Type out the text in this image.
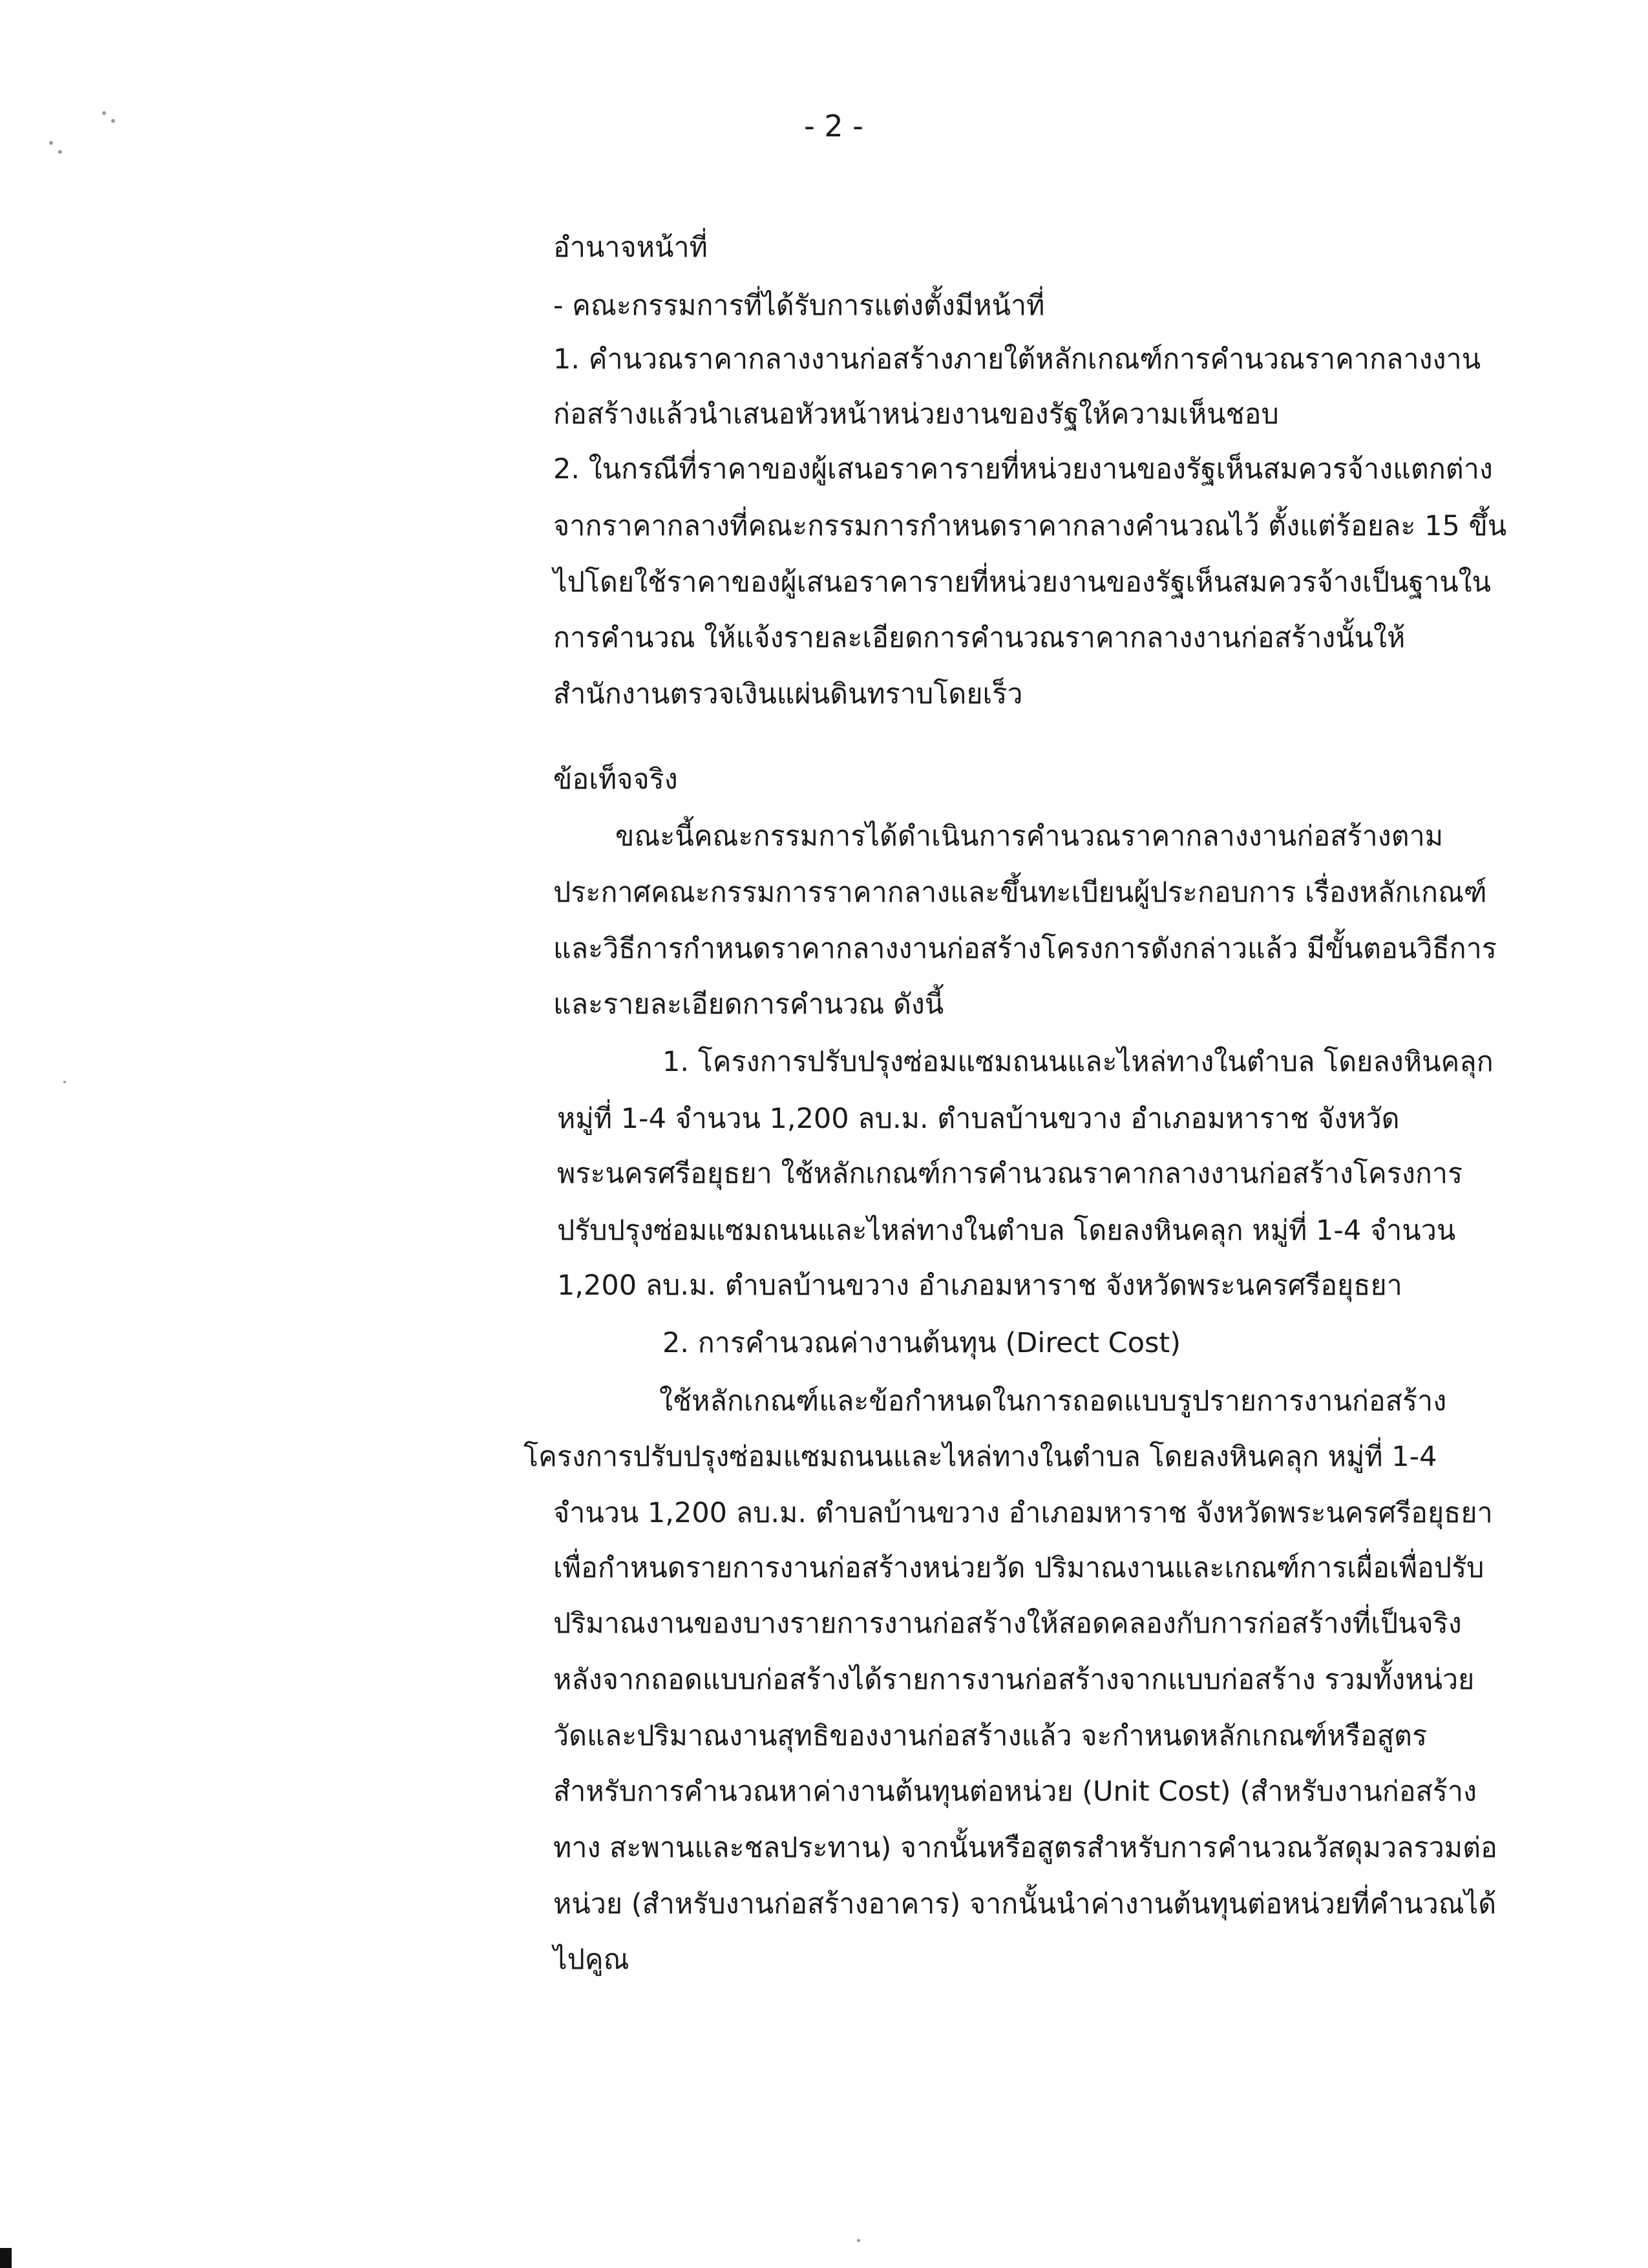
- 2 -
อำนาจหน้าที่
- คณะกรรมการที่ได้รับการแต่งตั้งมีหน้าที่
1. คำนวณราคากลางงานก่อสร้างภายใต้หลักเกณฑ์การคำนวณราคากลางงาน
ก่อสร้างแล้วนำเสนอหัวหน้าหน่วยงานของรัฐให้ความเห็นชอบ
2. ในกรณีที่ราคาของผู้เสนอราคารายที่หน่วยงานของรัฐเห็นสมควรจ้างแตกต่าง
จากราคากลางที่คณะกรรมการกำหนดราคากลางคำนวณไว้ ตั้งแต่ร้อยละ 15 ขึ้น
ไปโดยใช้ราคาของผู้เสนอราคารายที่หน่วยงานของรัฐเห็นสมควรจ้างเป็นฐานใน
การคำนวณ ให้แจ้งรายละเอียดการคำนวณราคากลางงานก่อสร้างนั้นให้
สำนักงานตรวจเงินแผ่นดินทราบโดยเร็ว
ข้อเท็จจริง
ขณะนี้คณะกรรมการได้ดำเนินการคำนวณราคากลางงานก่อสร้างตาม
ประกาศคณะกรรมการราคากลางและขึ้นทะเบียนผู้ประกอบการ เรื่องหลักเกณฑ์
และวิธีการกำหนดราคากลางงานก่อสร้างโครงการดังกล่าวแล้ว มีขั้นตอนวิธีการ
และรายละเอียดการคำนวณ ดังนี้
1. โครงการปรับปรุงซ่อมแซมถนนและไหล่ทางในตำบล โดยลงหินคลุก
หมู่ที่ 1-4 จำนวน 1,200 ลบ.ม. ตำบลบ้านขวาง อำเภอมหาราช จังหวัด
พระนครศรีอยุธยา ใช้หลักเกณฑ์การคำนวณราคากลางงานก่อสร้างโครงการ
ปรับปรุงซ่อมแซมถนนและไหล่ทางในตำบล โดยลงหินคลุก หมู่ที่ 1-4 จำนวน
1,200 ลบ.ม. ตำบลบ้านขวาง อำเภอมหาราช จังหวัดพระนครศรีอยุธยา
2. การคำนวณค่างานต้นทุน (Direct Cost)
ใช้หลักเกณฑ์และข้อกำหนดในการถอดแบบรูปรายการงานก่อสร้าง
โครงการปรับปรุงซ่อมแซมถนนและไหล่ทางในตำบล โดยลงหินคลุก หมู่ที่ 1-4
จำนวน 1,200 ลบ.ม. ตำบลบ้านขวาง อำเภอมหาราช จังหวัดพระนครศรีอยุธยา
เพื่อกำหนดรายการงานก่อสร้างหน่วยวัด ปริมาณงานและเกณฑ์การเผื่อเพื่อปรับ
ปริมาณงานของบางรายการงานก่อสร้างให้สอดคลองกับการก่อสร้างที่เป็นจริง
หลังจากถอดแบบก่อสร้างได้รายการงานก่อสร้างจากแบบก่อสร้าง รวมทั้งหน่วย
วัดและปริมาณงานสุทธิของงานก่อสร้างแล้ว จะกำหนดหลักเกณฑ์หรือสูตร
สำหรับการคำนวณหาค่างานต้นทุนต่อหน่วย (Unit Cost) (สำหรับงานก่อสร้าง
ทาง สะพานและชลประทาน) จากนั้นหรือสูตรสำหรับการคำนวณวัสดุมวลรวมต่อ
หน่วย (สำหรับงานก่อสร้างอาคาร) จากนั้นนำค่างานต้นทุนต่อหน่วยที่คำนวณได้
ไปคูณ
